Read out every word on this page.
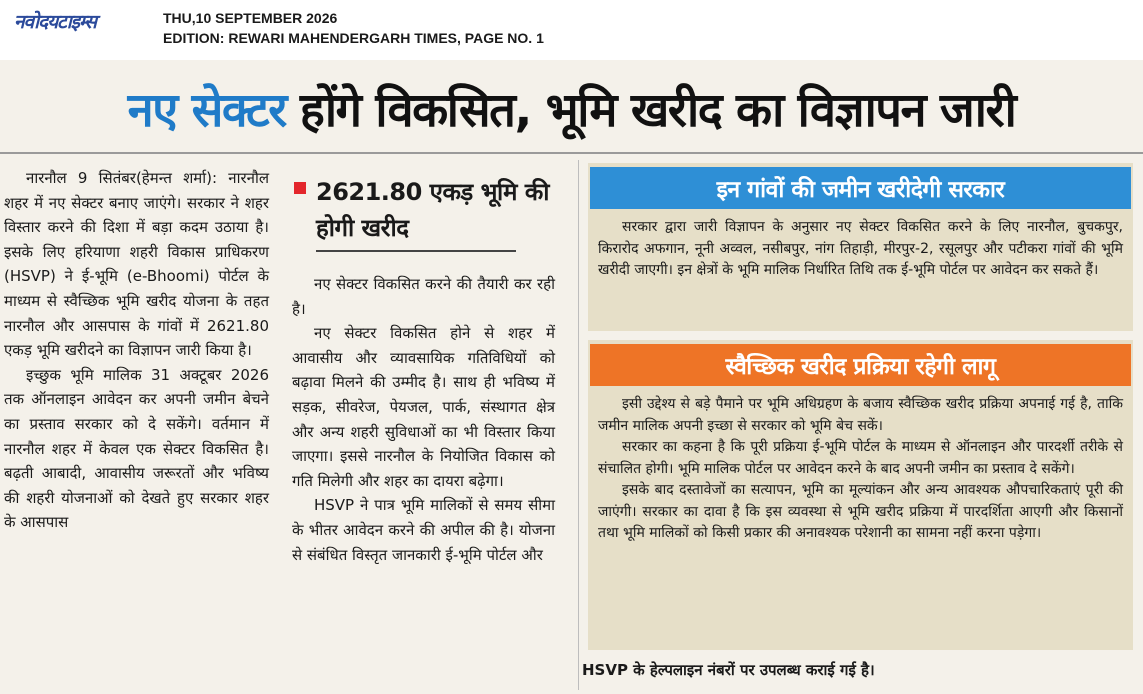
नवोदयटाइम्स	THU,10 SEPTEMBER 2026
EDITION: REWARI MAHENDERGARH TIMES, PAGE NO. 1
नए सेक्टर होंगे विकसित, भूमि खरीद का विज्ञापन जारी

नारनौल 9 सितंबर(हेमन्त शर्मा): नारनौल शहर में नए सेक्टर बनाए जाएंगे। सरकार ने शहर विस्तार करने की दिशा में बड़ा कदम उठाया है। इसके लिए हरियाणा शहरी विकास प्राधिकरण (HSVP) ने ई-भूमि (e-Bhoomi) पोर्टल के माध्यम से स्वैच्छिक भूमि खरीद योजना के तहत नारनौल और आसपास के गांवों में 2621.80 एकड़ भूमि खरीदने का विज्ञापन जारी किया है।

इच्छुक भूमि मालिक 31 अक्टूबर 2026 तक ऑनलाइन आवेदन कर अपनी जमीन बेचने का प्रस्ताव सरकार को दे सकेंगे। वर्तमान में नारनौल शहर में केवल एक सेक्टर विकसित है। बढ़ती आबादी, आवासीय जरूरतों और भविष्य की शहरी योजनाओं को देखते हुए सरकार शहर के आसपास

2621.80 एकड़ भूमि की होगी खरीद

नए सेक्टर विकसित करने की तैयारी कर रही है।

नए सेक्टर विकसित होने से शहर में आवासीय और व्यावसायिक गतिविधियों को बढ़ावा मिलने की उम्मीद है। साथ ही भविष्य में सड़क, सीवरेज, पेयजल, पार्क, संस्थागत क्षेत्र और अन्य शहरी सुविधाओं का भी विस्तार किया जाएगा। इससे नारनौल के नियोजित विकास को गति मिलेगी और शहर का दायरा बढ़ेगा।

HSVP ने पात्र भूमि मालिकों से समय सीमा के भीतर आवेदन करने की अपील की है। योजना से संबंधित विस्तृत जानकारी ई-भूमि पोर्टल और

इन गांवों की जमीन खरीदेगी सरकार

सरकार द्वारा जारी विज्ञापन के अनुसार नए सेक्टर विकसित करने के लिए नारनौल, बुचकपुर, किरारोद अफगान, नूनी अव्वल, नसीबपुर, नांग तिहाड़ी, मीरपुर-2, रसूलपुर और पटीकरा गांवों की भूमि खरीदी जाएगी। इन क्षेत्रों के भूमि मालिक निर्धारित तिथि तक ई-भूमि पोर्टल पर आवेदन कर सकते हैं।

स्वैच्छिक खरीद प्रक्रिया रहेगी लागू

इसी उद्देश्य से बड़े पैमाने पर भूमि अधिग्रहण के बजाय स्वैच्छिक खरीद प्रक्रिया अपनाई गई है, ताकि जमीन मालिक अपनी इच्छा से सरकार को भूमि बेच सकें।

सरकार का कहना है कि पूरी प्रक्रिया ई-भूमि पोर्टल के माध्यम से ऑनलाइन और पारदर्शी तरीके से संचालित होगी। भूमि मालिक पोर्टल पर आवेदन करने के बाद अपनी जमीन का प्रस्ताव दे सकेंगे।

इसके बाद दस्तावेजों का सत्यापन, भूमि का मूल्यांकन और अन्य आवश्यक औपचारिकताएं पूरी की जाएंगी। सरकार का दावा है कि इस व्यवस्था से भूमि खरीद प्रक्रिया में पारदर्शिता आएगी और किसानों तथा भूमि मालिकों को किसी प्रकार की अनावश्यक परेशानी का सामना नहीं करना पड़ेगा।

HSVP के हेल्पलाइन नंबरों पर उपलब्ध कराई गई है।
